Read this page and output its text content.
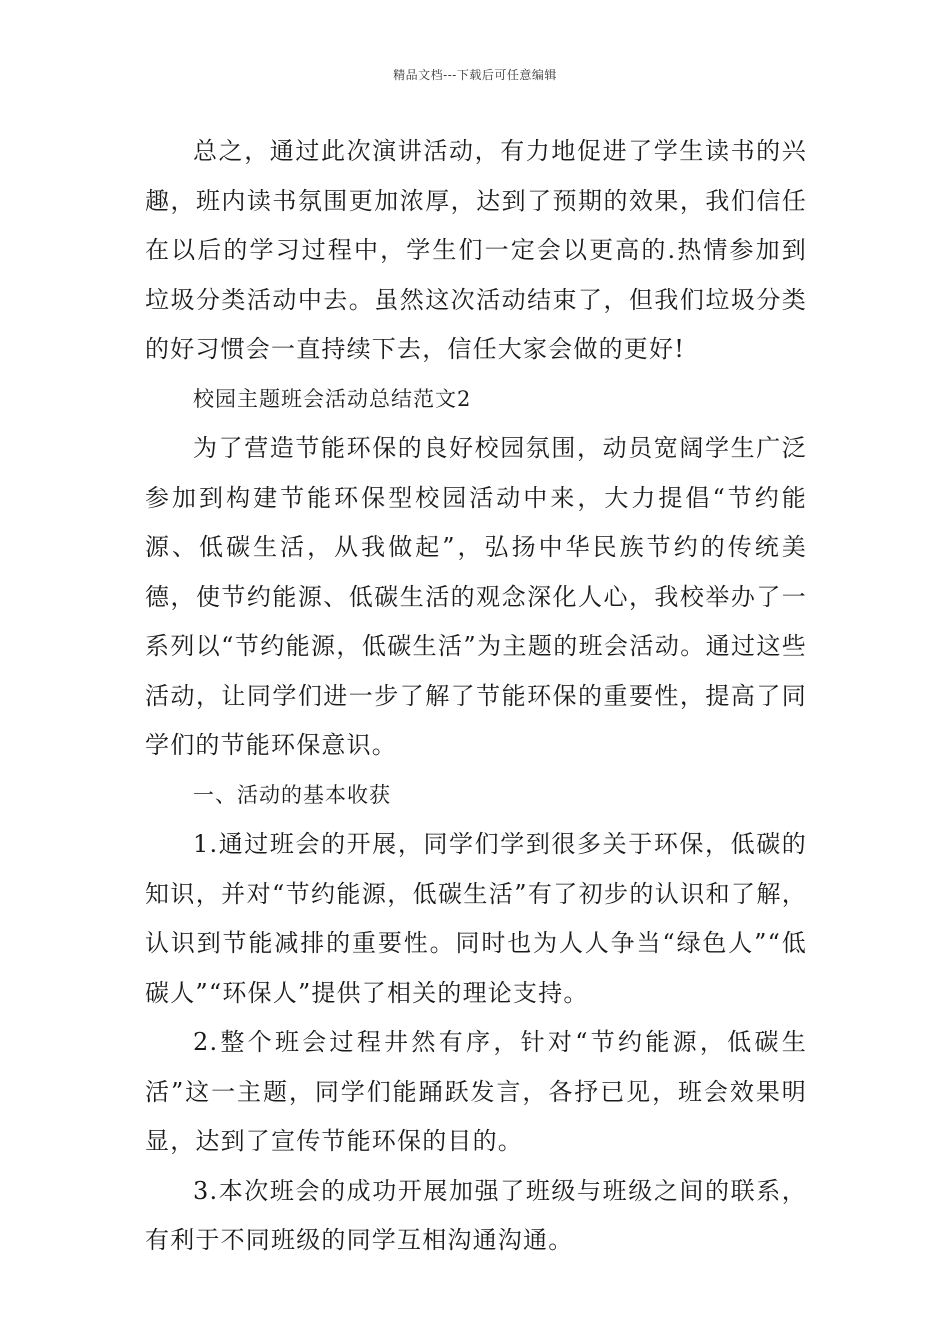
精品文档---下载后可任意编辑

总之，通过此次演讲活动，有力地促进了学生读书的兴趣，班内读书氛围更加浓厚，达到了预期的效果，我们信任在以后的学习过程中，学生们一定会以更高的.热情参加到垃圾分类活动中去。虽然这次活动结束了，但我们垃圾分类的好习惯会一直持续下去，信任大家会做的更好!

校园主题班会活动总结范文2

为了营造节能环保的良好校园氛围，动员宽阔学生广泛参加到构建节能环保型校园活动中来，大力提倡“节约能源、低碳生活，从我做起”，弘扬中华民族节约的传统美德，使节约能源、低碳生活的观念深化人心，我校举办了一系列以“节约能源，低碳生活”为主题的班会活动。通过这些活动，让同学们进一步了解了节能环保的重要性，提高了同学们的节能环保意识。

一、活动的基本收获

1.通过班会的开展，同学们学到很多关于环保，低碳的知识，并对“节约能源，低碳生活”有了初步的认识和了解，认识到节能减排的重要性。同时也为人人争当“绿色人”“低碳人”“环保人”提供了相关的理论支持。

2.整个班会过程井然有序，针对“节约能源，低碳生活”这一主题，同学们能踊跃发言，各抒已见，班会效果明显，达到了宣传节能环保的目的。

3.本次班会的成功开展加强了班级与班级之间的联系，有利于不同班级的同学互相沟通沟通。
